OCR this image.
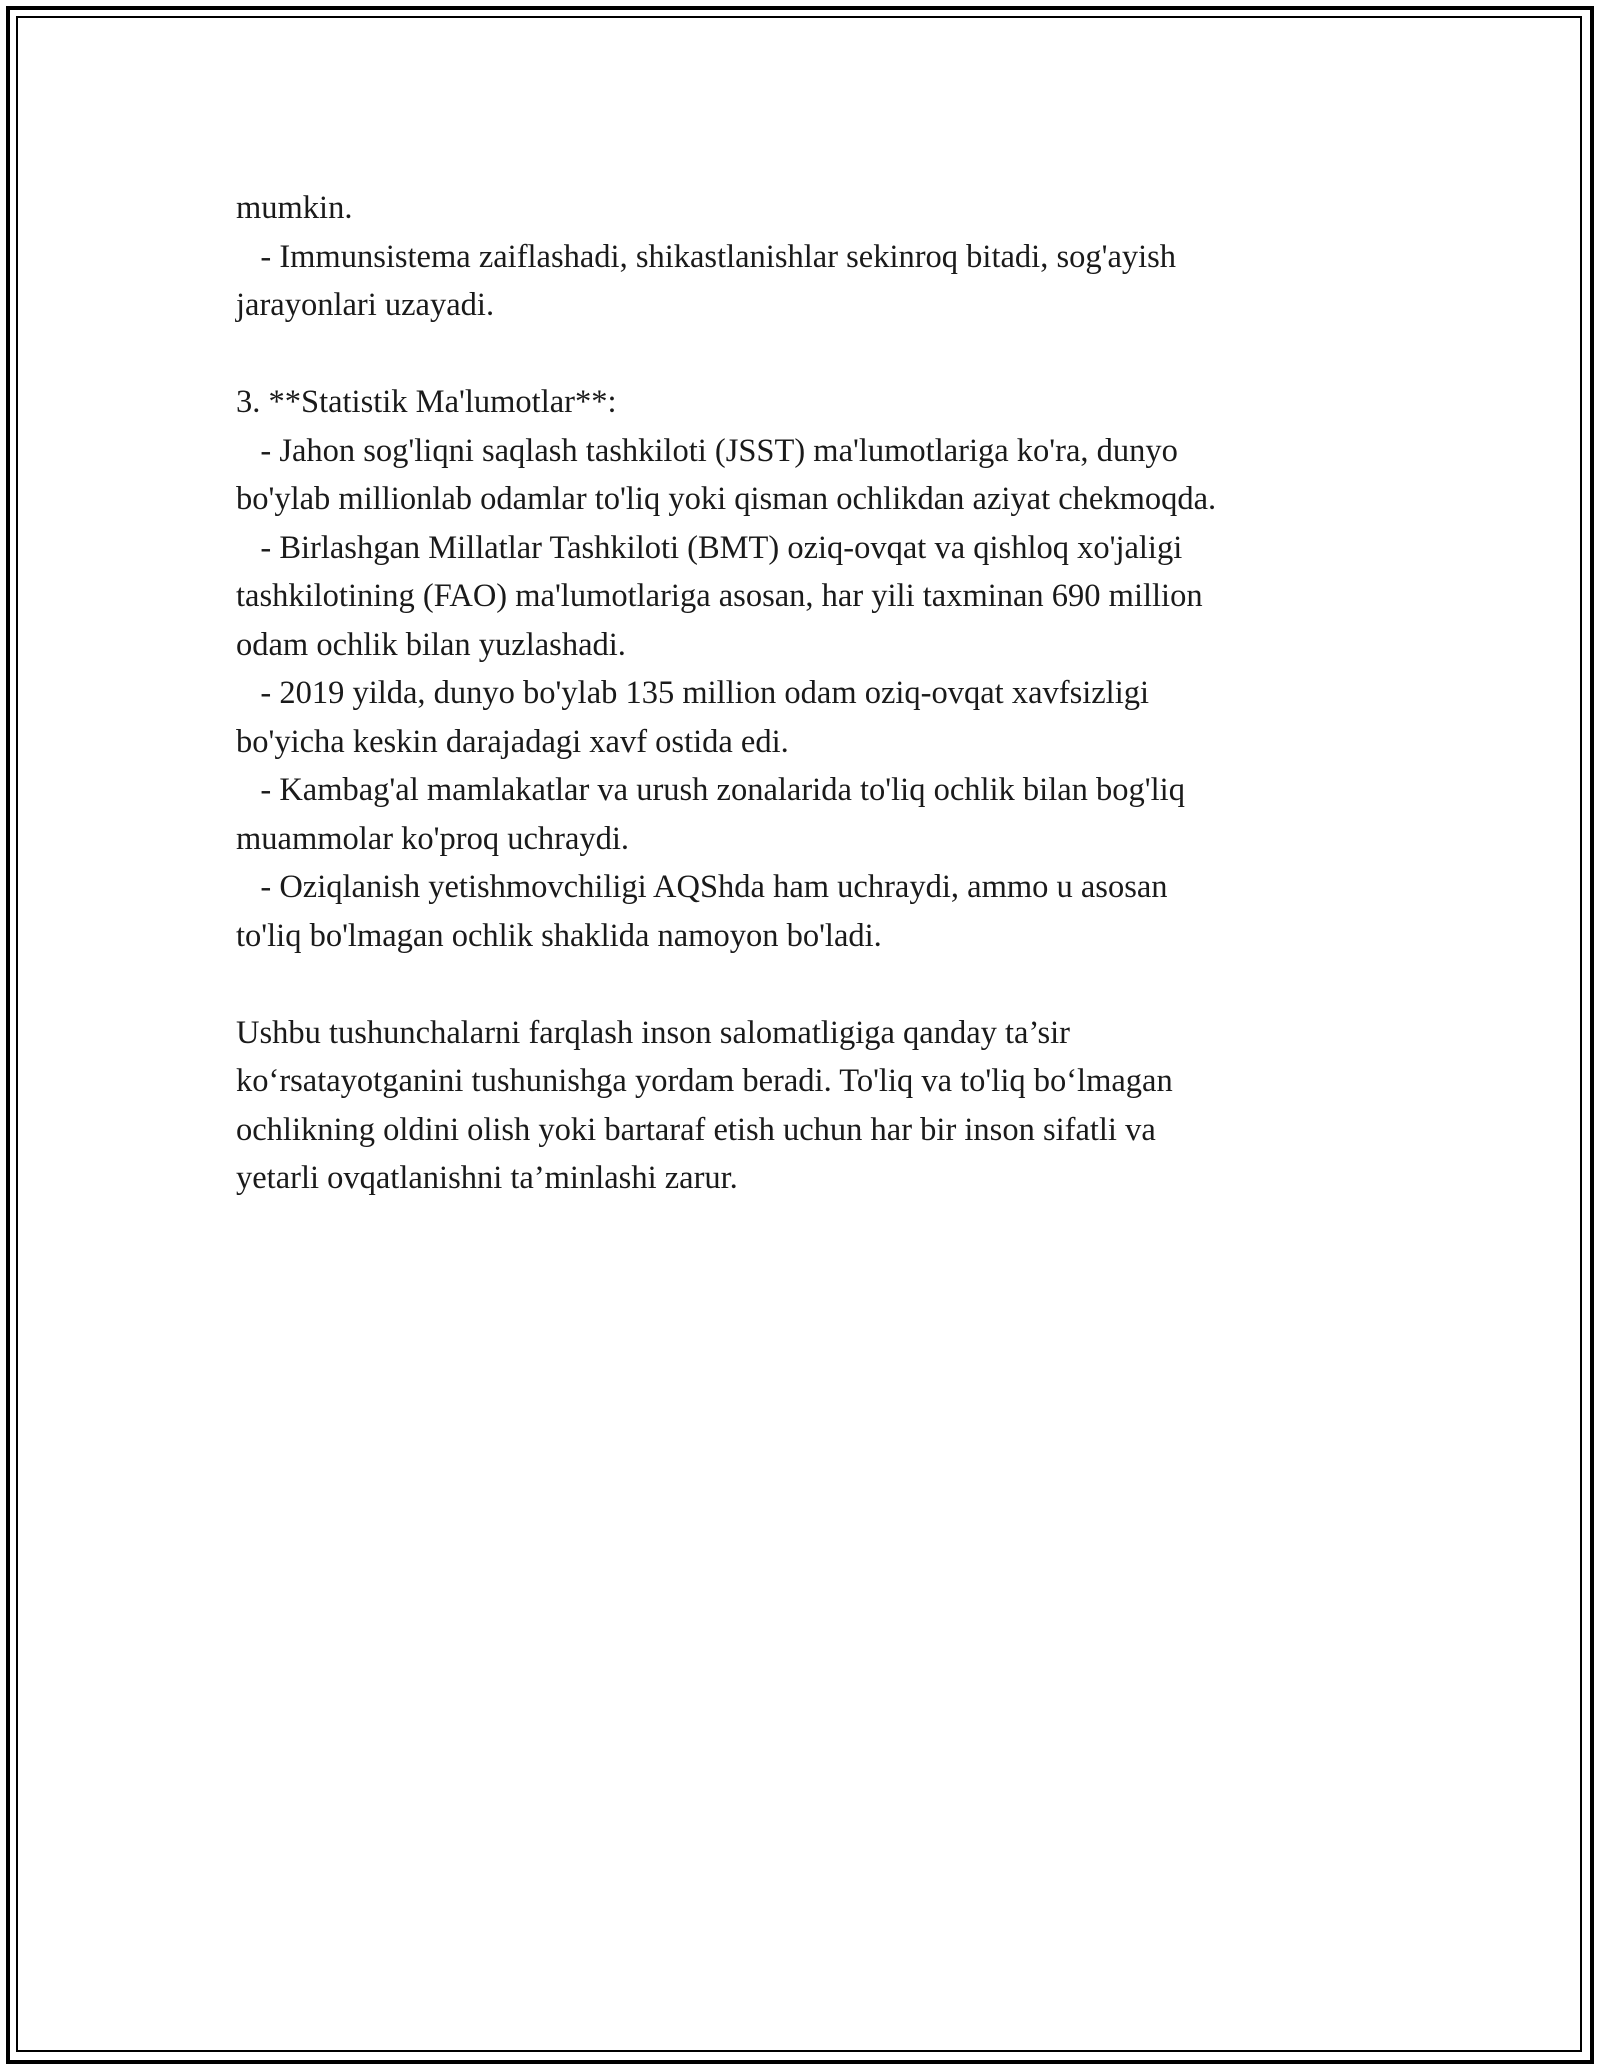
mumkin.
- Immunsistema zaiflashadi, shikastlanishlar sekinroq bitadi, sog'ayish
jarayonlari uzayadi.
3. **Statistik Ma'lumotlar**:
- Jahon sog'liqni saqlash tashkiloti (JSST) ma'lumotlariga ko'ra, dunyo
bo'ylab millionlab odamlar to'liq yoki qisman ochlikdan aziyat chekmoqda.
- Birlashgan Millatlar Tashkiloti (BMT) oziq-ovqat va qishloq xo'jaligi
tashkilotining (FAO) ma'lumotlariga asosan, har yili taxminan 690 million
odam ochlik bilan yuzlashadi.
- 2019 yilda, dunyo bo'ylab 135 million odam oziq-ovqat xavfsizligi
bo'yicha keskin darajadagi xavf ostida edi.
- Kambag'al mamlakatlar va urush zonalarida to'liq ochlik bilan bog'liq
muammolar ko'proq uchraydi.
- Oziqlanish yetishmovchiligi AQShda ham uchraydi, ammo u asosan
to'liq bo'lmagan ochlik shaklida namoyon bo'ladi.
Ushbu tushunchalarni farqlash inson salomatligiga qanday ta’sir
ko‘rsatayotganini tushunishga yordam beradi. To'liq va to'liq bo‘lmagan
ochlikning oldini olish yoki bartaraf etish uchun har bir inson sifatli va
yetarli ovqatlanishni ta’minlashi zarur.
